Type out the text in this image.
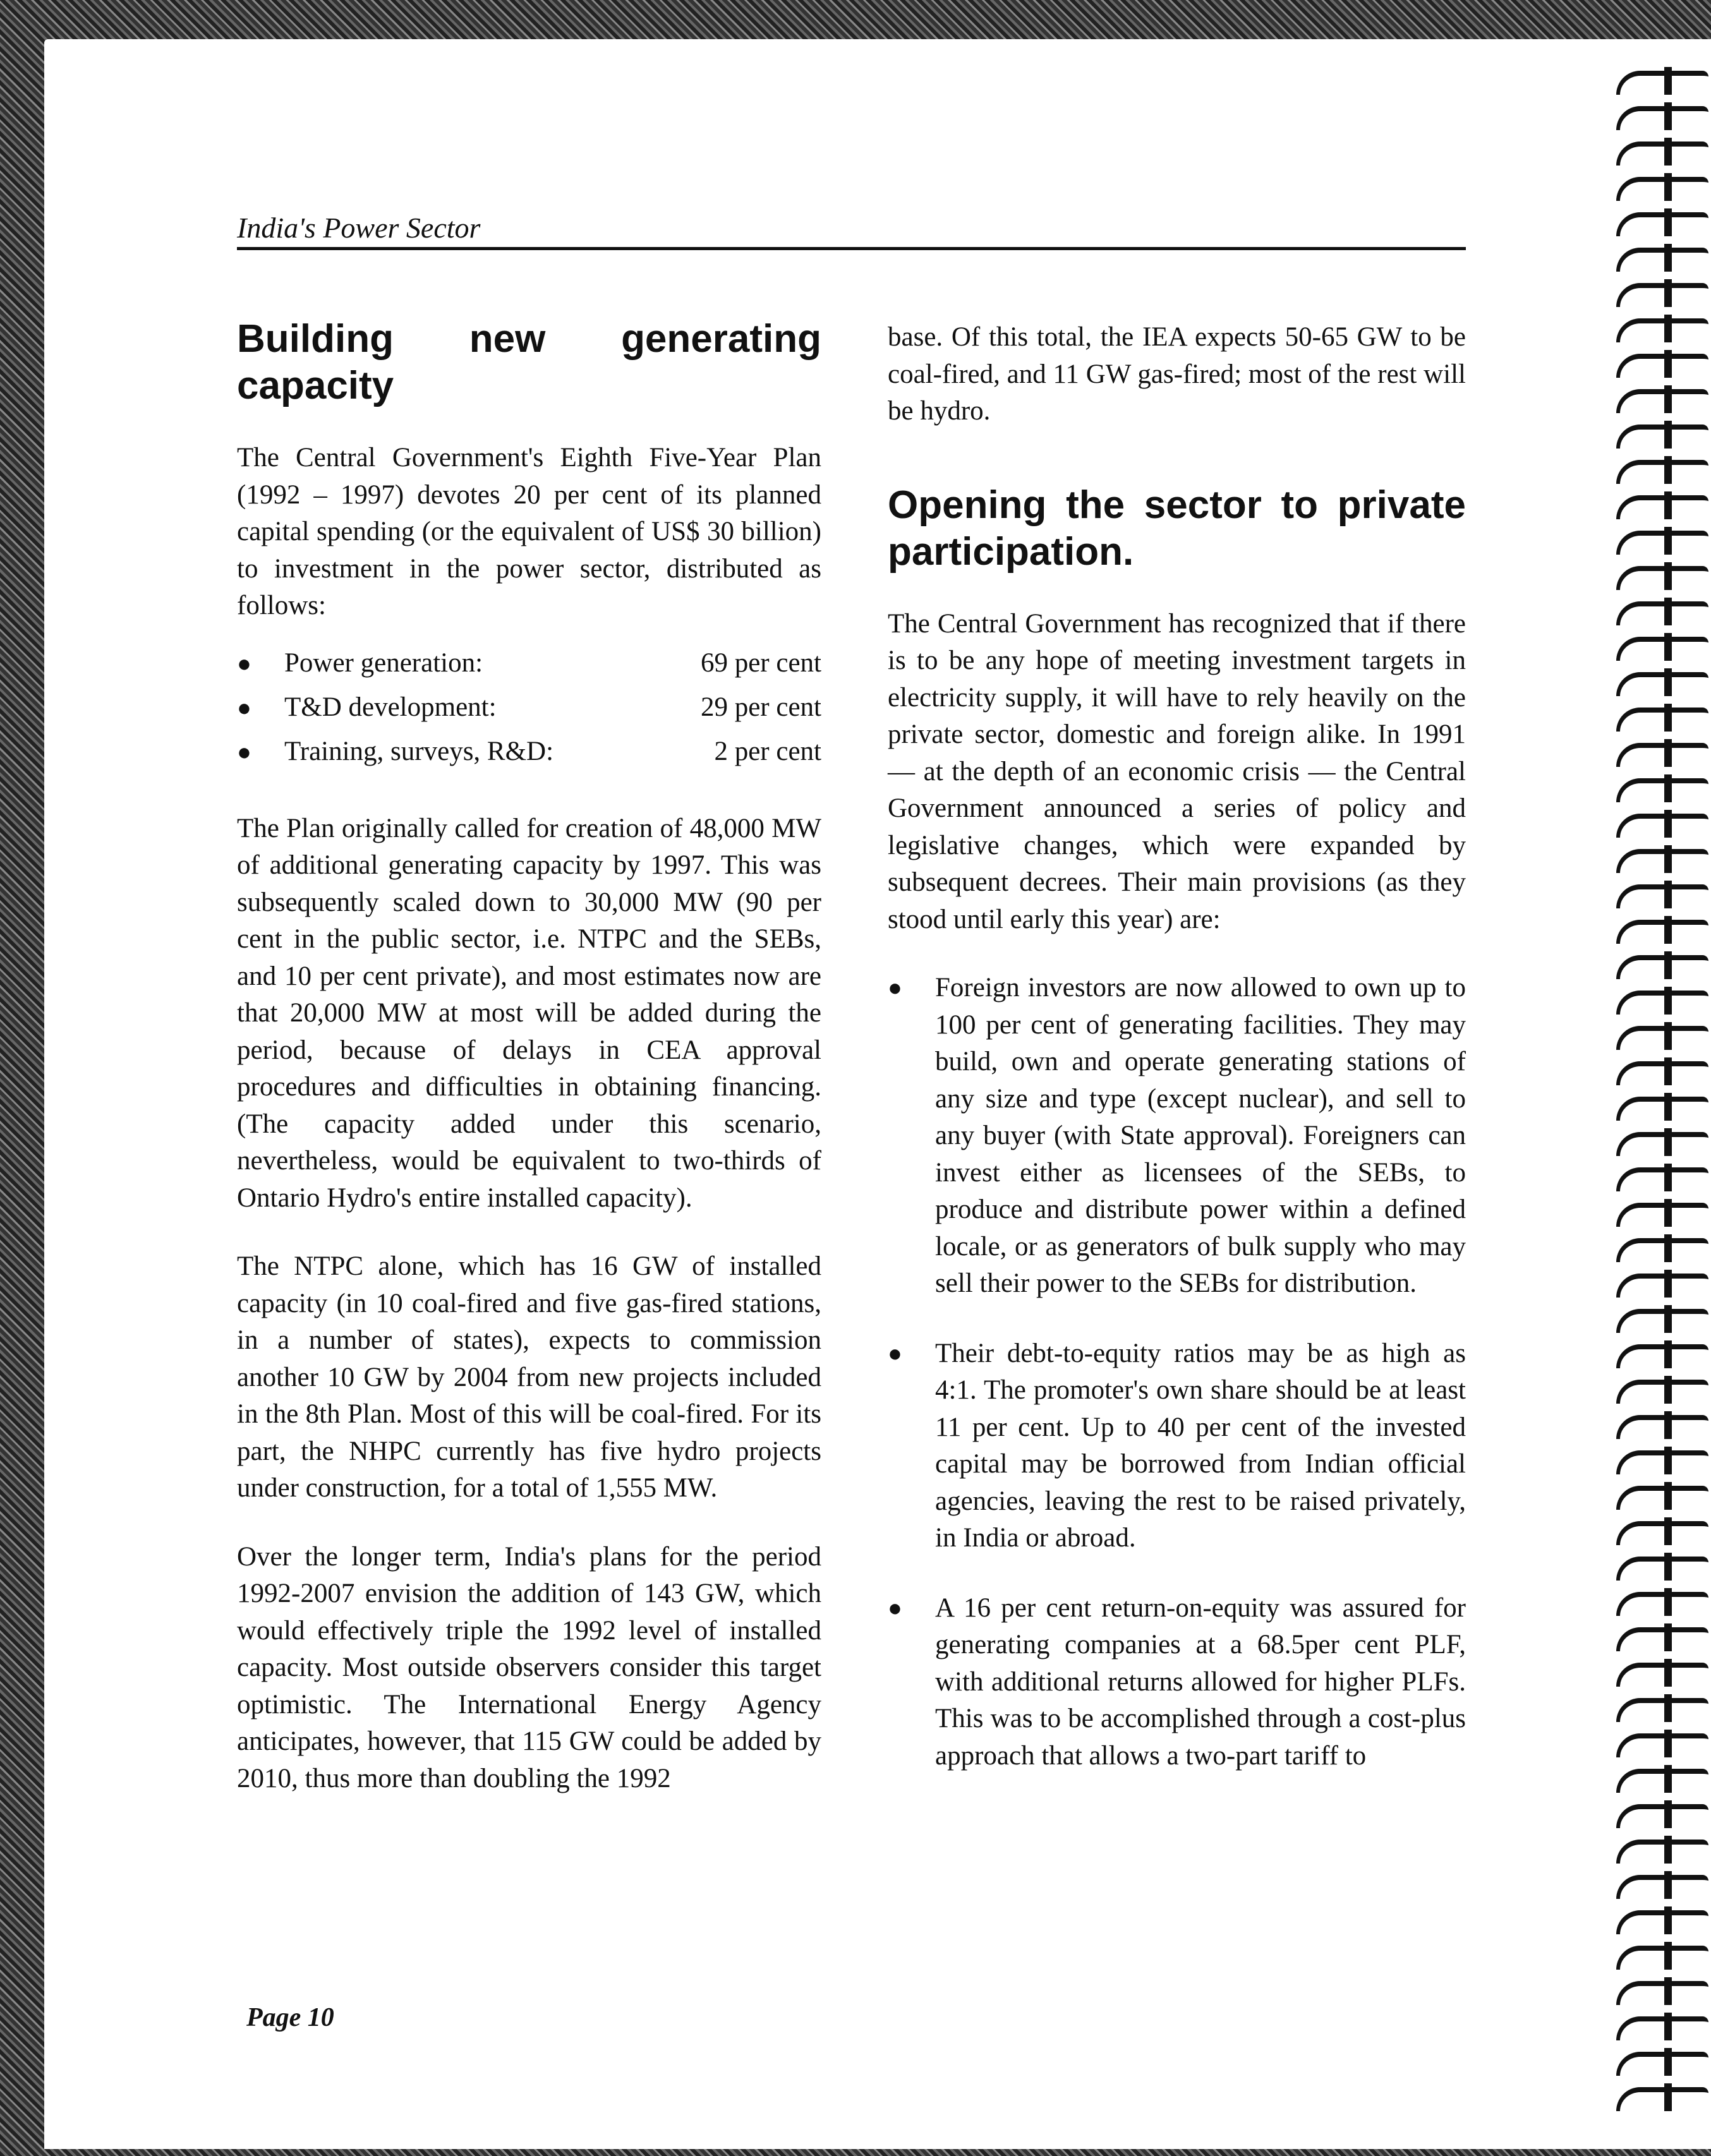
India's Power Sector
Building new generating capacity

The Central Government's Eighth Five-Year Plan (1992 – 1997) devotes 20 per cent of its planned capital spending (or the equivalent of US$ 30 billion) to investment in the power sector, distributed as follows:

●	Power generation:	69 per cent
●	T&D development:	29 per cent
●	Training, surveys, R&D:	2 per cent

The Plan originally called for creation of 48,000 MW of additional generating capacity by 1997. This was subsequently scaled down to 30,000 MW (90 per cent in the public sector, i.e. NTPC and the SEBs, and 10 per cent private), and most estimates now are that 20,000 MW at most will be added during the period, because of delays in CEA approval procedures and difficulties in obtaining financing. (The capacity added under this scenario, nevertheless, would be equivalent to two-thirds of Ontario Hydro's entire installed capacity).

The NTPC alone, which has 16 GW of installed capacity (in 10 coal-fired and five gas-fired stations, in a number of states), expects to commission another 10 GW by 2004 from new projects included in the 8th Plan. Most of this will be coal-fired. For its part, the NHPC currently has five hydro projects under construction, for a total of 1,555 MW.

Over the longer term, India's plans for the period 1992-2007 envision the addition of 143 GW, which would effectively triple the 1992 level of installed capacity. Most outside observers consider this target optimistic. The International Energy Agency anticipates, however, that 115 GW could be added by 2010, thus more than doubling the 1992

base. Of this total, the IEA expects 50-65 GW to be coal-fired, and 11 GW gas-fired; most of the rest will be hydro.

Opening the sector to private participation.

The Central Government has recognized that if there is to be any hope of meeting investment targets in electricity supply, it will have to rely heavily on the private sector, domestic and foreign alike. In 1991 — at the depth of an economic crisis — the Central Government announced a series of policy and legislative changes, which were expanded by subsequent decrees. Their main provisions (as they stood until early this year) are:

●	Foreign investors are now allowed to own up to 100 per cent of generating facilities. They may build, own and operate generating stations of any size and type (except nuclear), and sell to any buyer (with State approval). Foreigners can invest either as licensees of the SEBs, to produce and distribute power within a defined locale, or as generators of bulk supply who may sell their power to the SEBs for distribution.
●	Their debt-to-equity ratios may be as high as 4:1. The promoter's own share should be at least 11 per cent. Up to 40 per cent of the invested capital may be borrowed from Indian official agencies, leaving the rest to be raised privately, in India or abroad.
●	A 16 per cent return-on-equity was assured for generating companies at a 68.5per cent PLF, with additional returns allowed for higher PLFs. This was to be accomplished through a cost-plus approach that allows a two-part tariff to
Page 10
